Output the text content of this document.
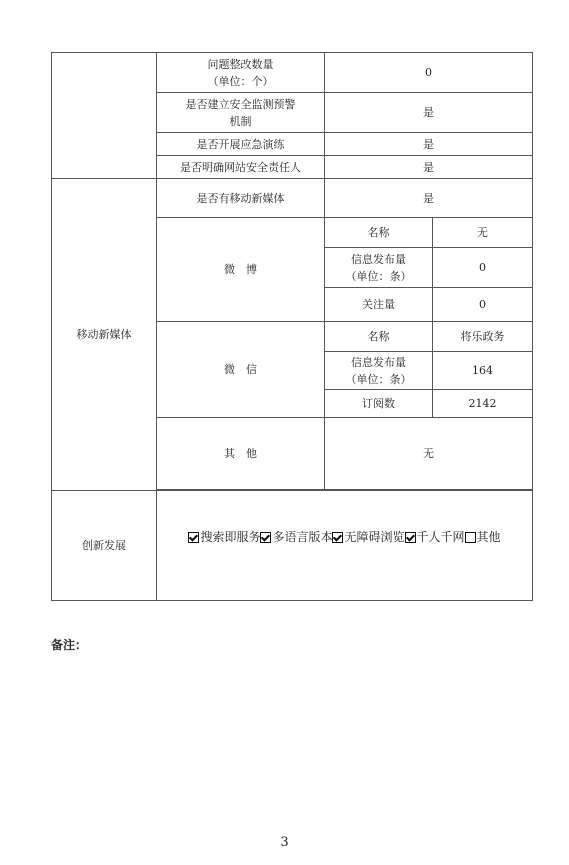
	问题整改数量
（单位：个）	0	

	是否建立安全监测预警
机制	是	
	是否开展应急演练	是	
	是否明确网站安全责任人	是	
移动新媒体	是否有移动新媒体	是	
	微　博	名称	无

		信息发布量
（单位：条）	0
		关注量	0
	微　信	名称	将乐政务

		信息发布量
（单位：条）	164
		订阅数	2142
	其　他	无	

创新发展	搜索即服务 多语言版本 无障碍浏览 千人千网 其他		
备注：
3
